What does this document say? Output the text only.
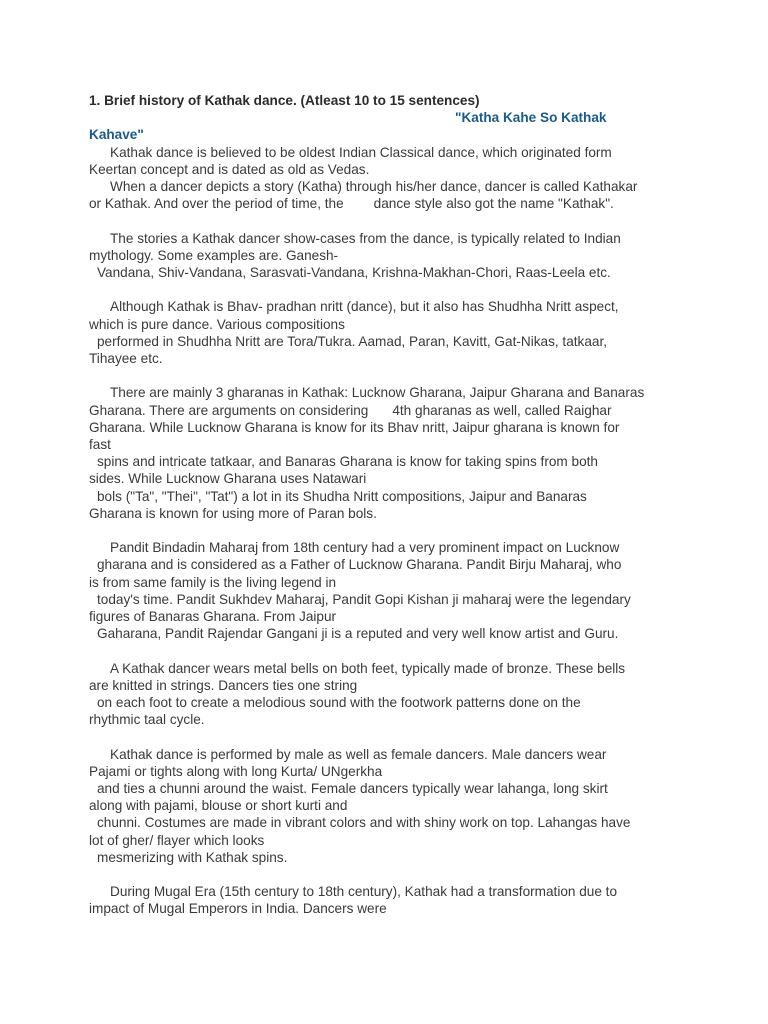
1. Brief history of Kathak dance. (Atleast 10 to 15 sentences)

"Katha Kahe So Kathak
Kahave"

Kathak dance is believed to be oldest Indian Classical dance, which originated form
Keertan concept and is dated as old as Vedas.
When a dancer depicts a story (Katha) through his/her dance, dancer is called Kathakar
or Kathak. And over the period of time, the dance style also got the name "Kathak".
The stories a Kathak dancer show-cases from the dance, is typically related to Indian
mythology. Some examples are. Ganesh-
Vandana, Shiv-Vandana, Sarasvati-Vandana, Krishna-Makhan-Chori, Raas-Leela etc.
Although Kathak is Bhav- pradhan nritt (dance), but it also has Shudhha Nritt aspect,
which is pure dance. Various compositions
performed in Shudhha Nritt are Tora/Tukra. Aamad, Paran, Kavitt, Gat-Nikas, tatkaar,
Tihayee etc.
There are mainly 3 gharanas in Kathak: Lucknow Gharana, Jaipur Gharana and Banaras
Gharana. There are arguments on considering 4th gharanas as well, called Raighar
Gharana. While Lucknow Gharana is know for its Bhav nritt, Jaipur gharana is known for
fast
spins and intricate tatkaar, and Banaras Gharana is know for taking spins from both
sides. While Lucknow Gharana uses Natawari
bols ("Ta", "Thei", "Tat") a lot in its Shudha Nritt compositions, Jaipur and Banaras
Gharana is known for using more of Paran bols.
Pandit Bindadin Maharaj from 18th century had a very prominent impact on Lucknow
gharana and is considered as a Father of Lucknow Gharana. Pandit Birju Maharaj, who
is from same family is the living legend in
today's time. Pandit Sukhdev Maharaj, Pandit Gopi Kishan ji maharaj were the legendary
figures of Banaras Gharana. From Jaipur
Gaharana, Pandit Rajendar Gangani ji is a reputed and very well know artist and Guru.
A Kathak dancer wears metal bells on both feet, typically made of bronze. These bells
are knitted in strings. Dancers ties one string
on each foot to create a melodious sound with the footwork patterns done on the
rhythmic taal cycle.
Kathak dance is performed by male as well as female dancers. Male dancers wear
Pajami or tights along with long Kurta/ UNgerkha
and ties a chunni around the waist. Female dancers typically wear lahanga, long skirt
along with pajami, blouse or short kurti and
chunni. Costumes are made in vibrant colors and with shiny work on top. Lahangas have
lot of gher/ flayer which looks
mesmerizing with Kathak spins.
During Mugal Era (15th century to 18th century), Kathak had a transformation due to
impact of Mugal Emperors in India. Dancers were
